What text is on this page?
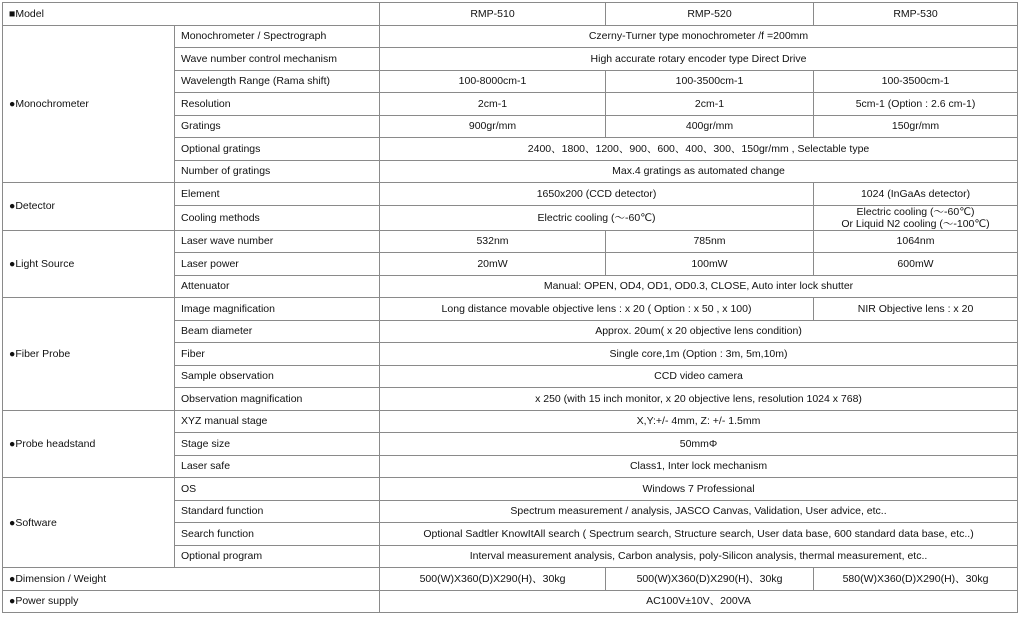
■Model		RMP-510	RMP-520	RMP-530
●Monochrometer	Monochrometer / Spectrograph	Czerny-Turner type monochrometer /f =200mm		
	Wave number control mechanism	High accurate rotary encoder type Direct Drive		
	Wavelength Range (Rama shift)	100-8000cm-1	100-3500cm-1	100-3500cm-1
	Resolution	2cm-1	2cm-1	5cm-1 (Option : 2.6 cm-1)
	Gratings	900gr/mm	400gr/mm	150gr/mm
	Optional gratings	2400、1800、1200、900、600、400、300、150gr/mm , Selectable type		
	Number of gratings	Max.4 gratings as automated change		
●Detector	Element	1650x200 (CCD detector)		1024 (InGaAs detector)
	Cooling methods	Electric cooling (～-60℃)		Electric cooling (～-60℃)
Or Liquid N2 cooling (～-100℃)

●Light Source	Laser wave number	532nm	785nm	1064nm
	Laser power	20mW	100mW	600mW
	Attenuator	Manual: OPEN, OD4, OD1, OD0.3, CLOSE, Auto inter lock shutter		
●Fiber Probe	Image magnification	Long distance movable objective lens : x 20 ( Option : x 50 , x 100)		NIR Objective lens : x 20
	Beam diameter	Approx. 20um( x 20 objective lens condition)		
	Fiber	Single core,1m (Option : 3m, 5m,10m)		
	Sample observation	CCD video camera		
	Observation magnification	x 250 (with 15 inch monitor, x 20 objective lens, resolution 1024 x 768)		
●Probe headstand	XYZ manual stage	X,Y:+/- 4mm, Z: +/- 1.5mm		
	Stage size	50mmΦ		
	Laser safe	Class1, Inter lock mechanism		
●Software	OS	Windows 7 Professional		
	Standard function	Spectrum measurement / analysis, JASCO Canvas, Validation, User advice, etc..		
	Search function	Optional Sadtler KnowItAll search ( Spectrum search, Structure search, User data base, 600 standard data base, etc..)		
	Optional program	Interval measurement analysis, Carbon analysis, poly-Silicon analysis, thermal measurement, etc..		
●Dimension / Weight		500(W)X360(D)X290(H)、30kg	500(W)X360(D)X290(H)、30kg	580(W)X360(D)X290(H)、30kg
●Power supply		AC100V±10V、200VA		
